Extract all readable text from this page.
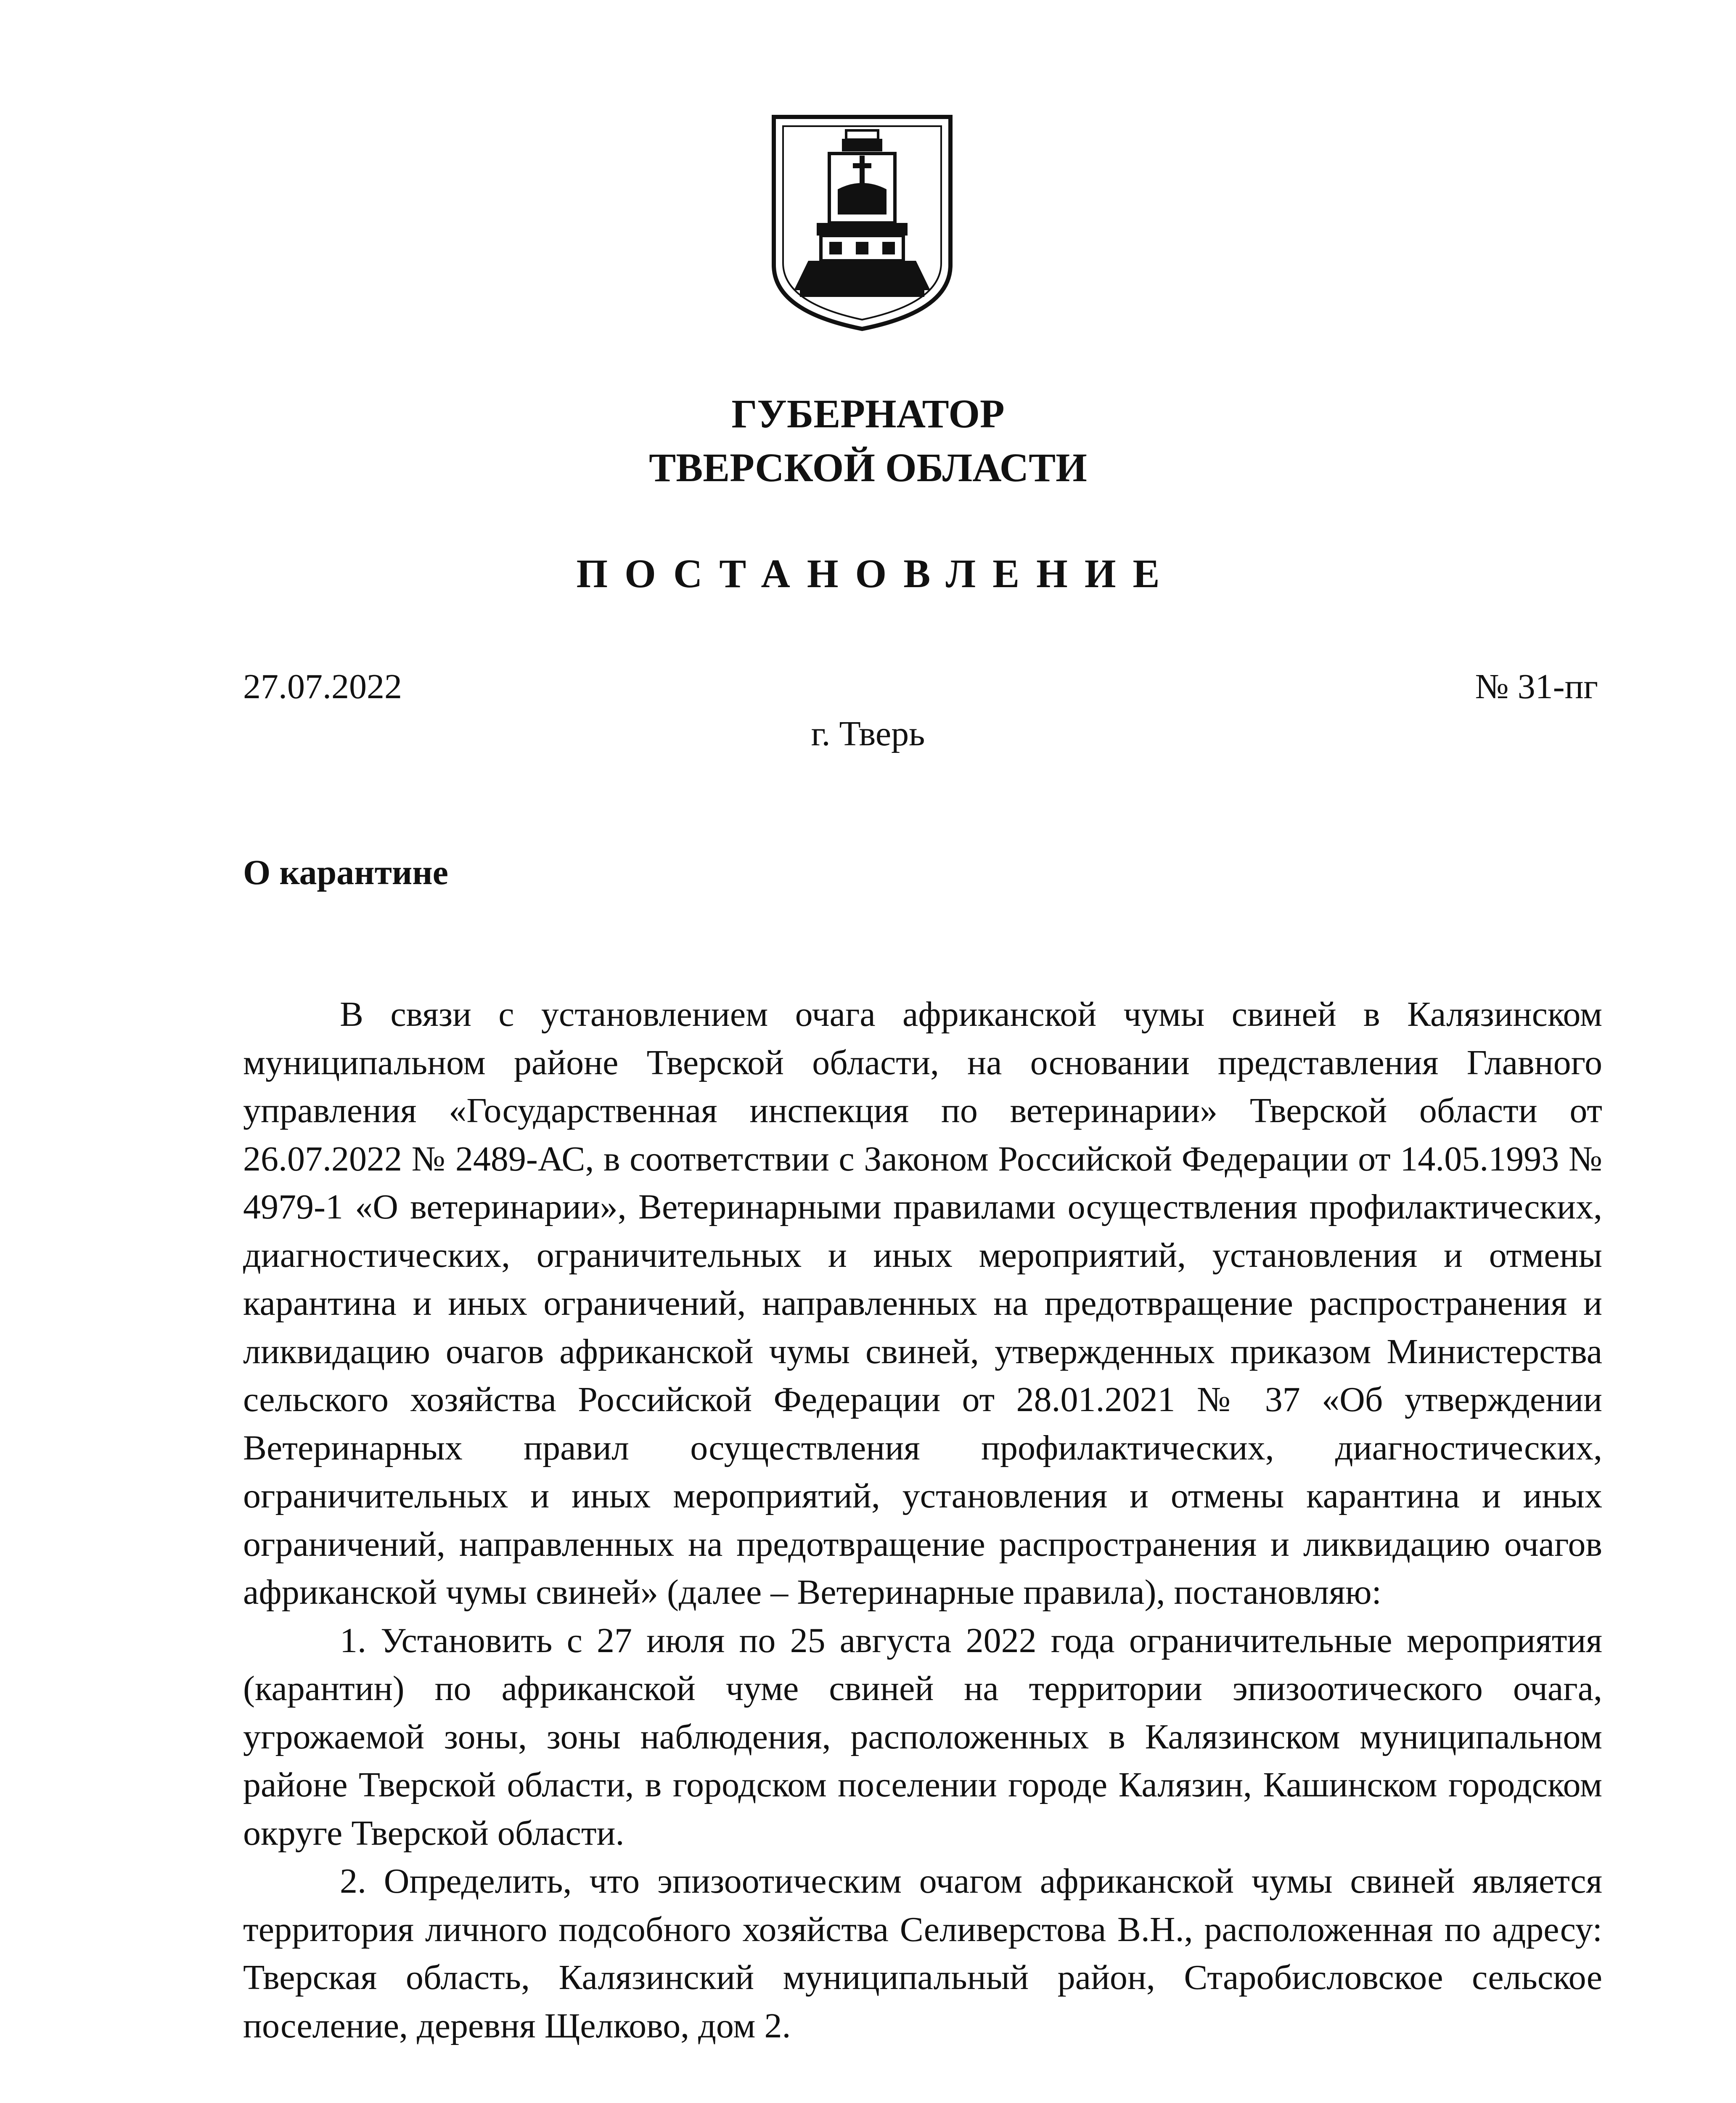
ГУБЕРНАТОР
ТВЕРСКОЙ ОБЛАСТИ
ПОСТАНОВЛЕНИЕ
27.07.2022	№ 31-пг
г. Тверь
О карантине

В связи с установлением очага африканской чумы свиней в Калязинском муниципальном районе Тверской области, на основании представления Главного управления «Государственная инспекция по ветеринарии» Тверской области от 26.07.2022 № 2489-АС, в соответствии с Законом Российской Федерации от 14.05.1993 № 4979-1 «О ветеринарии», Ветеринарными правилами осуществления профилактических, диагностических, ограничительных и иных мероприятий, установления и отмены карантина и иных ограничений, направленных на предотвращение распространения и ликвидацию очагов африканской чумы свиней, утвержденных приказом Министерства сельского хозяйства Российской Федерации от 28.01.2021 № 37 «Об утверждении Ветеринарных правил осуществления профилактических, диагностических, ограничительных и иных мероприятий, установления и отмены карантина и иных ограничений, направленных на предотвращение распространения и ликвидацию очагов африканской чумы свиней» (далее – Ветеринарные правила), постановляю:

1. Установить с 27 июля по 25 августа 2022 года ограничительные мероприятия (карантин) по африканской чуме свиней на территории эпизоотического очага, угрожаемой зоны, зоны наблюдения, расположенных в Калязинском муниципальном районе Тверской области, в городском поселении городе Калязин, Кашинском городском округе Тверской области.

2. Определить, что эпизоотическим очагом африканской чумы свиней является территория личного подсобного хозяйства Селиверстова В.Н., расположенная по адресу: Тверская область, Калязинский муниципальный район, Старобисловское сельское поселение, деревня Щелково, дом 2.
